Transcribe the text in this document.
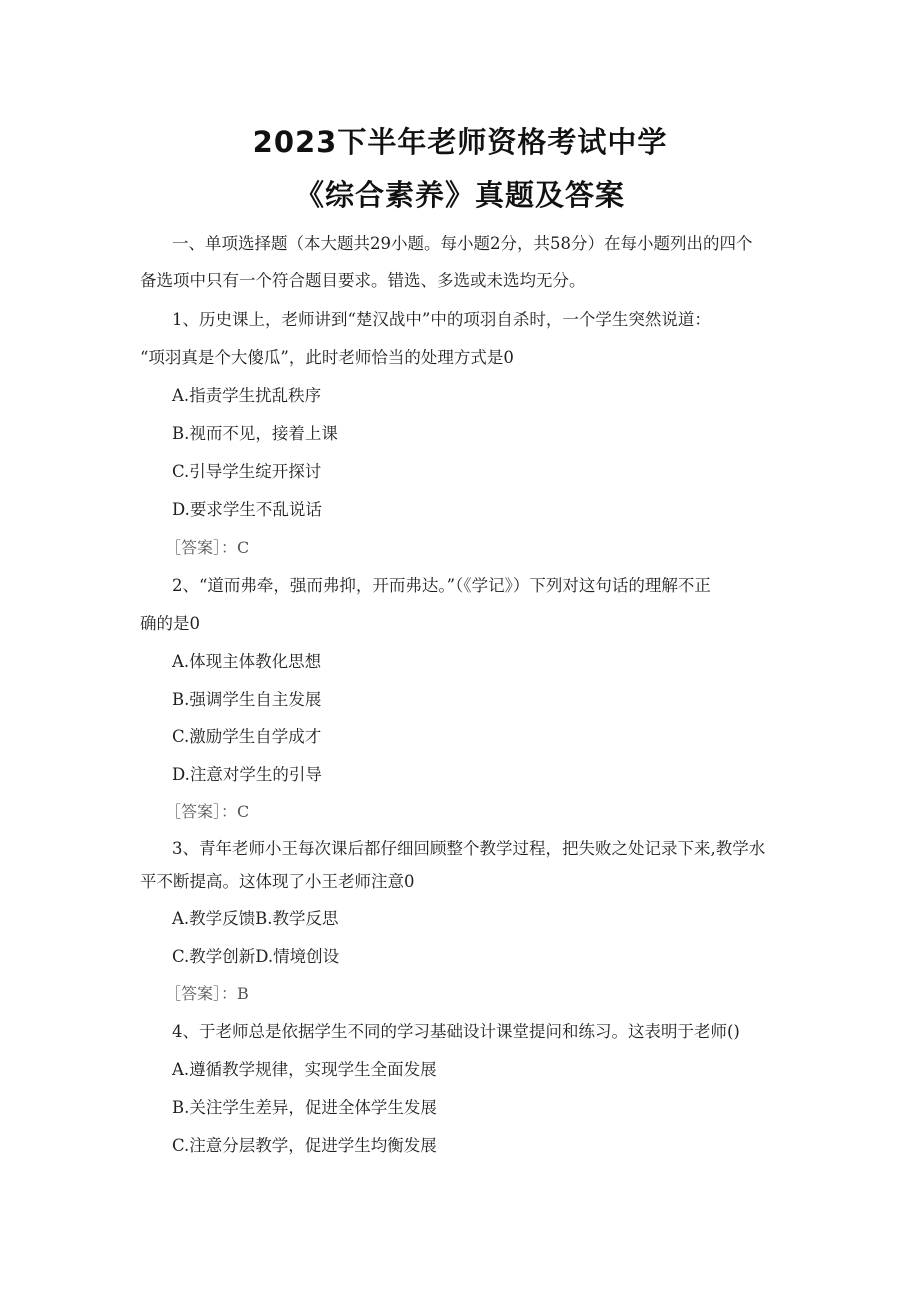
2023下半年老师资格考试中学
《综合素养》真题及答案
一、单项选择题（本大题共29小题。每小题2分，共58分）在每小题列出的四个
备选项中只有一个符合题目要求。错选、多选或未选均无分。
1、历史课上，老师讲到“楚汉战中”中的项羽自杀时，一个学生突然说道：
“项羽真是个大傻瓜”，此时老师恰当的处理方式是0
A.指责学生扰乱秩序
B.视而不见，接着上课
C.引导学生绽开探讨
D.要求学生不乱说话
［答案］：C
2、“道而弗牵，强而弗抑，开而弗达。”（《学记》）下列对这句话的理解不正
确的是0
A.体现主体教化思想
B.强调学生自主发展
C.激励学生自学成才
D.注意对学生的引导
［答案］：C
3、青年老师小王每次课后都仔细回顾整个教学过程，把失败之处记录下来,教学水
平不断提高。这体现了小王老师注意0
A.教学反馈B.教学反思
C.教学创新D.情境创设
［答案］：B
4、于老师总是依据学生不同的学习基础设计课堂提问和练习。这表明于老师()
A.遵循教学规律，实现学生全面发展
B.关注学生差异，促进全体学生发展
C.注意分层教学，促进学生均衡发展
